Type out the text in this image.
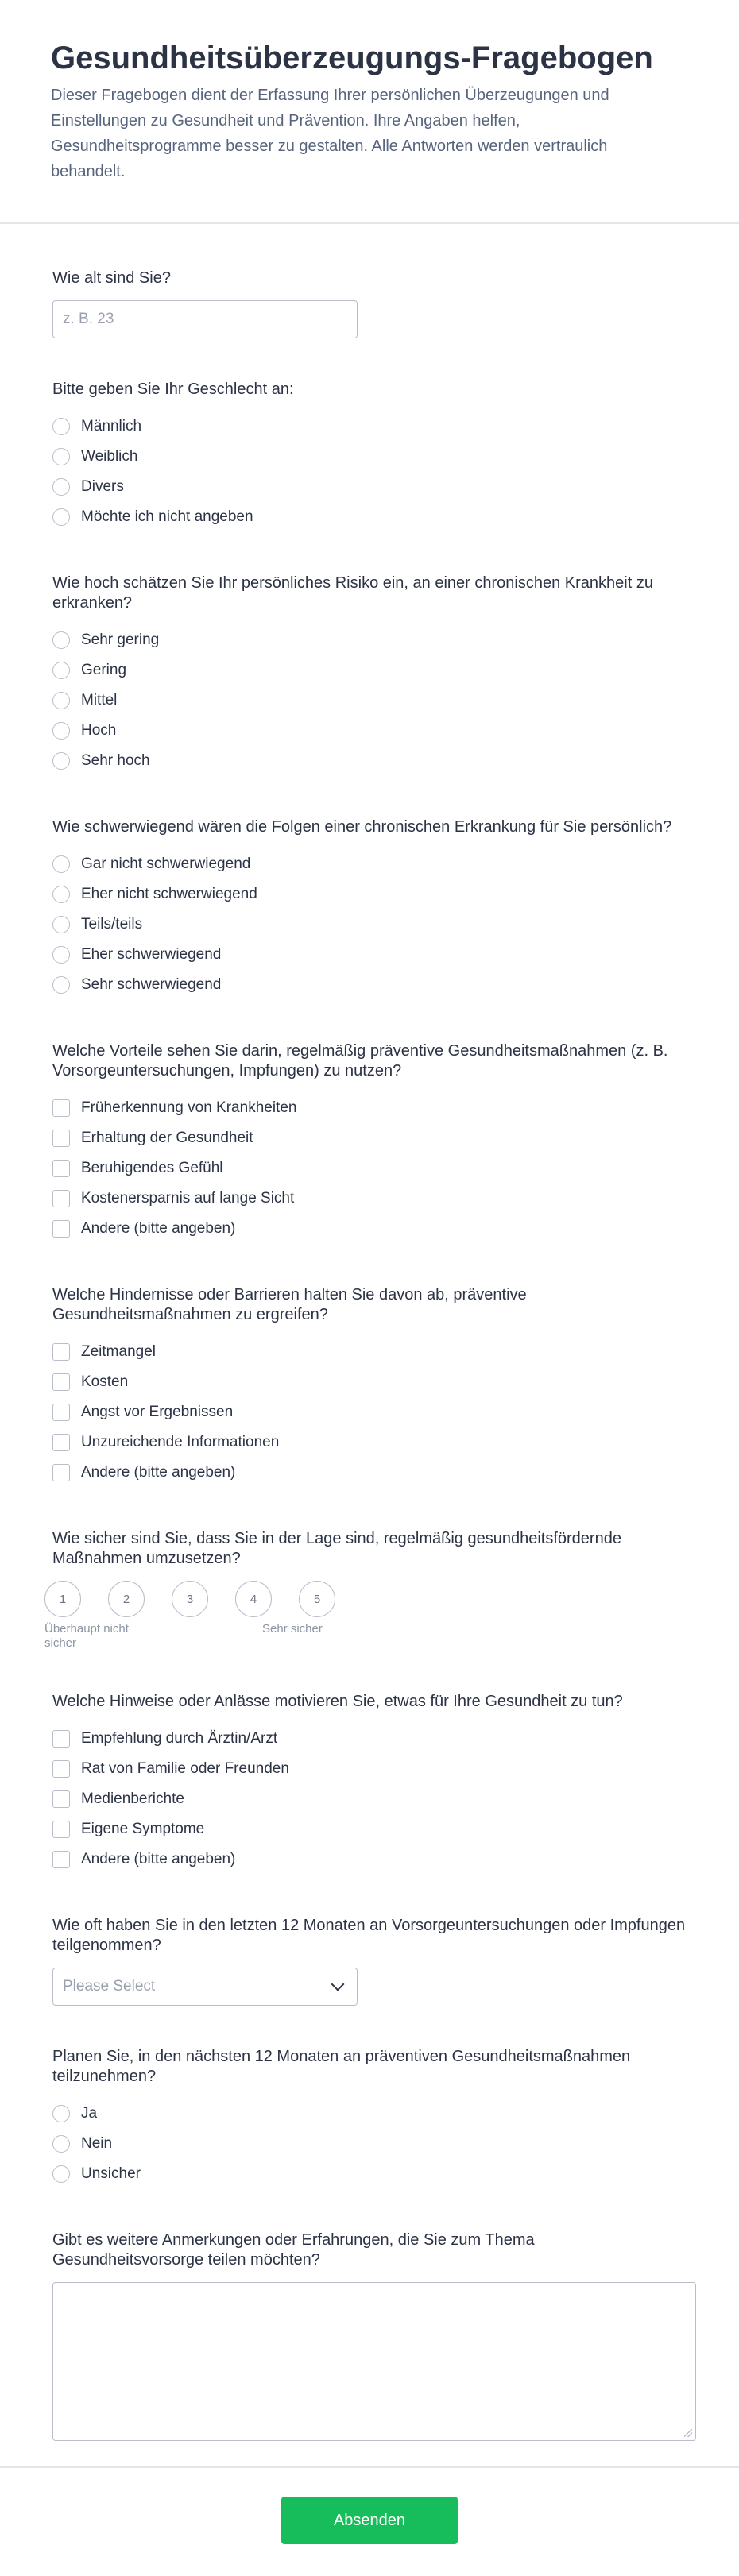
Gesundheitsüberzeugungs-Fragebogen

Dieser Fragebogen dient der Erfassung Ihrer persönlichen Überzeugungen und Einstellungen zu Gesundheit und Prävention. Ihre Angaben helfen, Gesundheitsprogramme besser zu gestalten. Alle Antworten werden vertraulich behandelt.

Wie alt sind Sie?
z. B. 23
Bitte geben Sie Ihr Geschlecht an:
Männlich
Weiblich
Divers
Möchte ich nicht angeben
Wie hoch schätzen Sie Ihr persönliches Risiko ein, an einer chronischen Krankheit zu erkranken?
Sehr gering
Gering
Mittel
Hoch
Sehr hoch
Wie schwerwiegend wären die Folgen einer chronischen Erkrankung für Sie persönlich?
Gar nicht schwerwiegend
Eher nicht schwerwiegend
Teils/teils
Eher schwerwiegend
Sehr schwerwiegend
Welche Vorteile sehen Sie darin, regelmäßig präventive Gesundheitsmaßnahmen (z. B. Vorsorgeuntersuchungen, Impfungen) zu nutzen?
Früherkennung von Krankheiten
Erhaltung der Gesundheit
Beruhigendes Gefühl
Kostenersparnis auf lange Sicht
Andere (bitte angeben)
Welche Hindernisse oder Barrieren halten Sie davon ab, präventive Gesundheitsmaßnahmen zu ergreifen?
Zeitmangel
Kosten
Angst vor Ergebnissen
Unzureichende Informationen
Andere (bitte angeben)
Wie sicher sind Sie, dass Sie in der Lage sind, regelmäßig gesundheitsfördernde Maßnahmen umzusetzen?
1	2	3	4	5
Überhaupt nicht sicher
Sehr sicher
Welche Hinweise oder Anlässe motivieren Sie, etwas für Ihre Gesundheit zu tun?
Empfehlung durch Ärztin/Arzt
Rat von Familie oder Freunden
Medienberichte
Eigene Symptome
Andere (bitte angeben)
Wie oft haben Sie in den letzten 12 Monaten an Vorsorgeuntersuchungen oder Impfungen teilgenommen?
Please Select
Planen Sie, in den nächsten 12 Monaten an präventiven Gesundheitsmaßnahmen teilzunehmen?
Ja
Nein
Unsicher
Gibt es weitere Anmerkungen oder Erfahrungen, die Sie zum Thema Gesundheitsvorsorge teilen möchten?
Absenden
